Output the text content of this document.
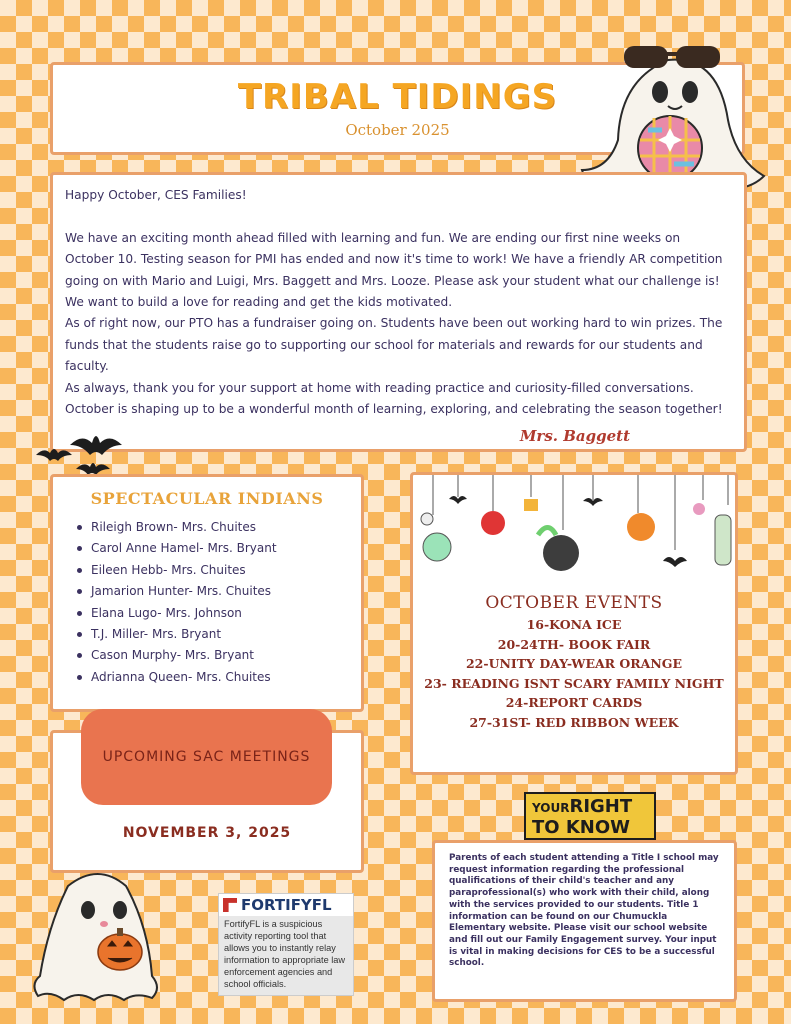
TRIBAL TIDINGS
October 2025

Happy October, CES Families!

We have an exciting month ahead filled with learning and fun. We are ending our first nine weeks on October 10. Testing season for PMI has ended and now it's time to work! We have a friendly AR competition going on with Mario and Luigi, Mrs. Baggett and Mrs. Looze. Please ask your student what our challenge is! We want to build a love for reading and get the kids motivated.

As of right now, our PTO has a fundraiser going on. Students have been out working hard to win prizes. The funds that the students raise go to supporting our school for materials and rewards for our students and faculty.

As always, thank you for your support at home with reading practice and curiosity-filled conversations. October is shaping up to be a wonderful month of learning, exploring, and celebrating the season together!

Mrs. Baggett
SPECTACULAR INDIANS
Rileigh Brown- Mrs. Chuites
Carol Anne Hamel- Mrs. Bryant
Eileen Hebb- Mrs. Chuites
Jamarion Hunter- Mrs. Chuites
Elana Lugo- Mrs. Johnson
T.J. Miller- Mrs. Bryant
Cason Murphy- Mrs. Bryant
Adrianna Queen- Mrs. Chuites
OCTOBER EVENTS
16-KONA ICE
20-24TH- BOOK FAIR
22-UNITY DAY-WEAR ORANGE
23- READING ISNT SCARY FAMILY NIGHT
24-REPORT CARDS
27-31ST- RED RIBBON WEEK
UPCOMING SAC MEETINGS
NOVEMBER 3, 2025
FORTIFYFL
FortifyFL is a suspicious activity reporting tool that allows you to instantly relay information to appropriate law enforcement agencies and school officials.
YOURRIGHT
TO KNOW
Parents of each student attending a Title I school may request information regarding the professional qualifications of their child's teacher and any paraprofessional(s) who work with their child, along with the services provided to our students. Title 1 information can be found on our Chumuckla Elementary website. Please visit our school website and fill out our Family Engagement survey. Your input is vital in making decisions for CES to be a successful school.
